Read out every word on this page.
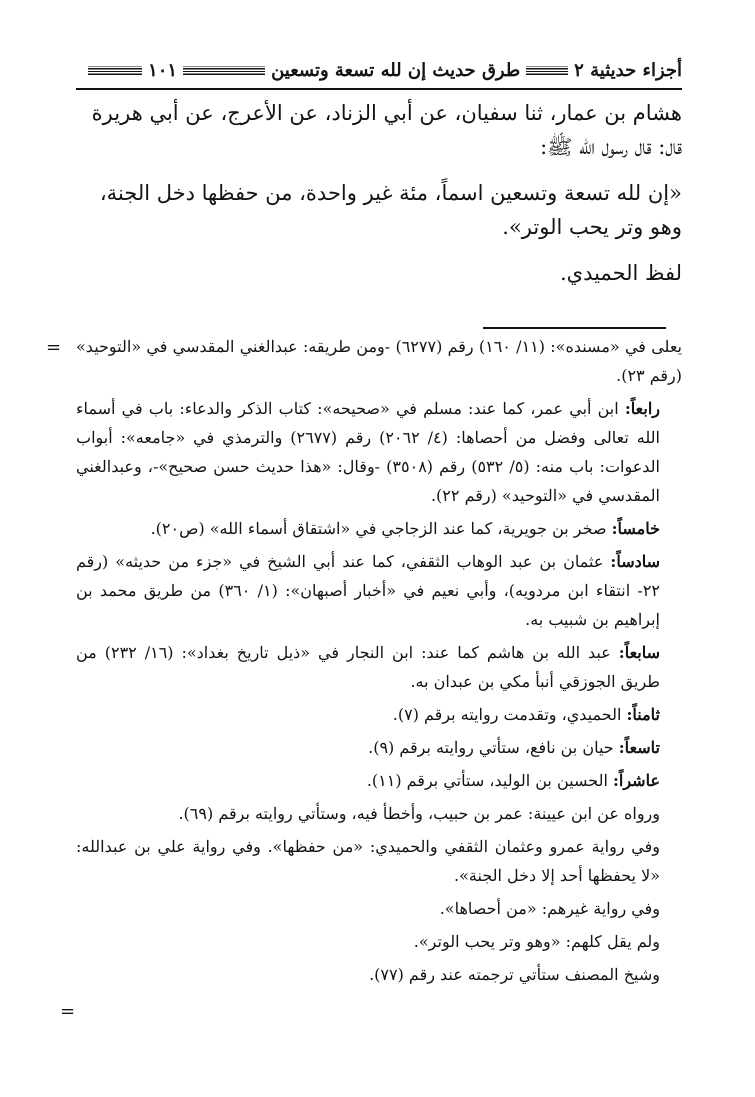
أجزاء حديثية ٢
طرق حديث إن لله تسعة وتسعين
١٠١

هشام بن عمار، ثنا سفيان، عن أبي الزناد، عن الأعرج، عن أبي هريرة

قال: قال رسول الله ﷺ:

«إن لله تسعة وتسعين اسماً، مئة غير واحدة، من حفظها دخل الجنة،

وهو وتر يحب الوتر».

لفظ الحميدي.

= يعلى في «مسنده»: (١١/ ١٦٠) رقم (٦٢٧٧) -ومن طريقه: عبدالغني المقدسي في «التوحيد» (رقم ٢٣).

رابعاً: ابن أبي عمر، كما عند: مسلم في «صحيحه»: كتاب الذكر والدعاء: باب في أسماء الله تعالى وفضل من أحصاها: (٤/ ٢٠٦٢) رقم (٢٦٧٧) والترمذي في «جامعه»: أبواب الدعوات: باب منه: (٥/ ٥٣٢) رقم (٣٥٠٨) -وقال: «هذا حديث حسن صحيح»-، وعبدالغني المقدسي في «التوحيد» (رقم ٢٢).

خامساً: صخر بن جويرية، كما عند الزجاجي في «اشتقاق أسماء الله» (ص٢٠).

سادساً: عثمان بن عبد الوهاب الثقفي، كما عند أبي الشيخ في «جزء من حديثه» (رقم ٢٢- انتقاء ابن مردويه)، وأبي نعيم في «أخبار أصبهان»: (١/ ٣٦٠) من طريق محمد بن إبراهيم بن شبيب به.

سابعاً: عبد الله بن هاشم كما عند: ابن النجار في «ذيل تاريخ بغداد»: (١٦/ ٢٣٢) من طريق الجوزقي أنبأ مكي بن عبدان به.

ثامناً: الحميدي، وتقدمت روايته برقم (٧).

تاسعاً: حيان بن نافع، ستأتي روايته برقم (٩).

عاشراً: الحسين بن الوليد، ستأتي برقم (١١).

ورواه عن ابن عيينة: عمر بن حبيب، وأخطأ فيه، وستأتي روايته برقم (٦٩).

وفي رواية عمرو وعثمان الثقفي والحميدي: «من حفظها». وفي رواية علي بن عبدالله: «لا يحفظها أحد إلا دخل الجنة».

وفي رواية غيرهم: «من أحصاها».

ولم يقل كلهم: «وهو وتر يحب الوتر».

وشيخ المصنف ستأتي ترجمته عند رقم (٧٧).

=
